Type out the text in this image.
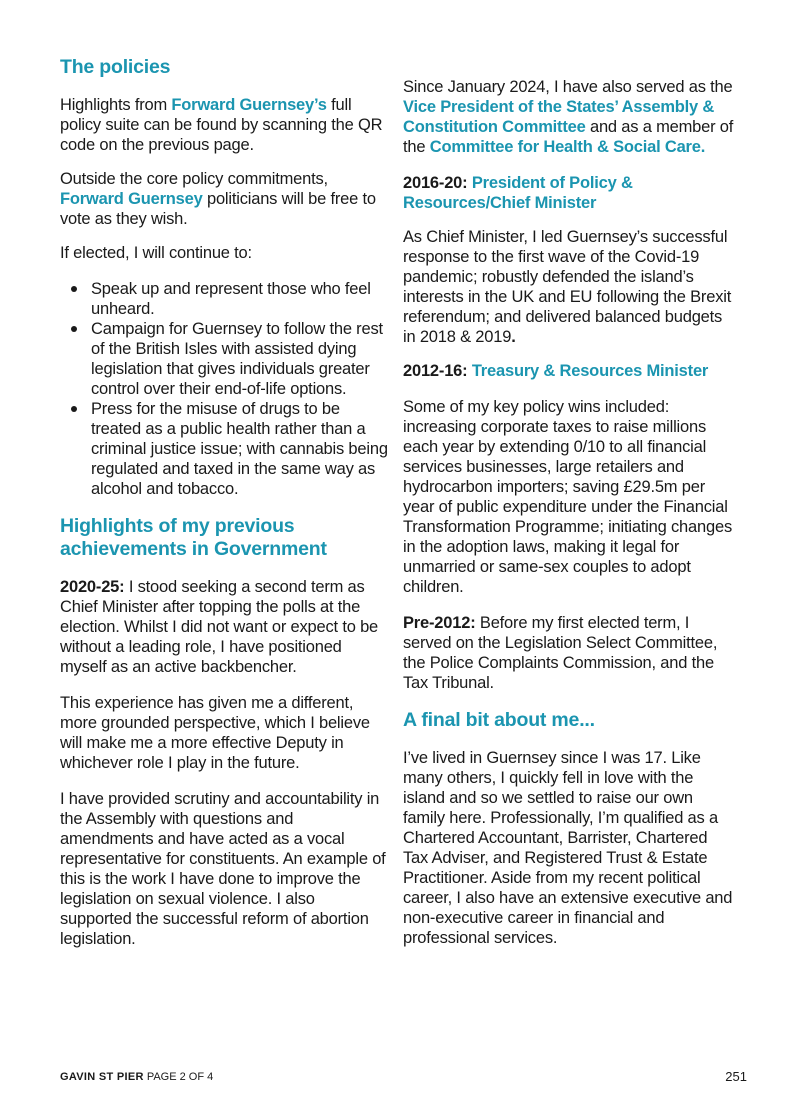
The policies

Highlights from Forward Guernsey’s full policy suite can be found by scanning the QR code on the previous page.

Outside the core policy commitments, Forward Guernsey politicians will be free to vote as they wish.

If elected, I will continue to:

Speak up and represent those who feel unheard.
Campaign for Guernsey to follow the rest of the British Isles with assisted dying legislation that gives individuals greater control over their end-of-life options.
Press for the misuse of drugs to be treated as a public health rather than a criminal justice issue; with cannabis being regulated and taxed in the same way as alcohol and tobacco.
Highlights of my previous achievements in Government

2020-25: I stood seeking a second term as Chief Minister after topping the polls at the election. Whilst I did not want or expect to be without a leading role, I have positioned myself as an active backbencher.

This experience has given me a different, more grounded perspective, which I believe will make me a more effective Deputy in whichever role I play in the future.

I have provided scrutiny and accountability in the Assembly with questions and amendments and have acted as a vocal representative for constituents. An example of this is the work I have done to improve the legislation on sexual violence. I also supported the successful reform of abortion legislation.

Since January 2024, I have also served as the Vice President of the States’ Assembly & Constitution Committee and as a member of the Committee for Health & Social Care.

2016-20: President of Policy & Resources/Chief Minister

As Chief Minister, I led Guernsey’s successful response to the first wave of the Covid-19 pandemic; robustly defended the island’s interests in the UK and EU following the Brexit referendum; and delivered balanced budgets in 2018 & 2019.

2012-16: Treasury & Resources Minister

Some of my key policy wins included: increasing corporate taxes to raise millions each year by extending 0/10 to all financial services businesses, large retailers and hydrocarbon importers; saving £29.5m per year of public expenditure under the Financial Transformation Programme; initiating changes in the adoption laws, making it legal for unmarried or same-sex couples to adopt children.

Pre-2012: Before my first elected term, I served on the Legislation Select Committee, the Police Complaints Commission, and the Tax Tribunal.

A final bit about me...

I’ve lived in Guernsey since I was 17. Like many others, I quickly fell in love with the island and so we settled to raise our own family here. Professionally, I’m qualified as a Chartered Accountant, Barrister, Chartered Tax Adviser, and Registered Trust & Estate Practitioner. Aside from my recent political career, I also have an extensive executive and non-executive career in financial and professional services.

GAVIN ST PIER PAGE 2 OF 4	251
